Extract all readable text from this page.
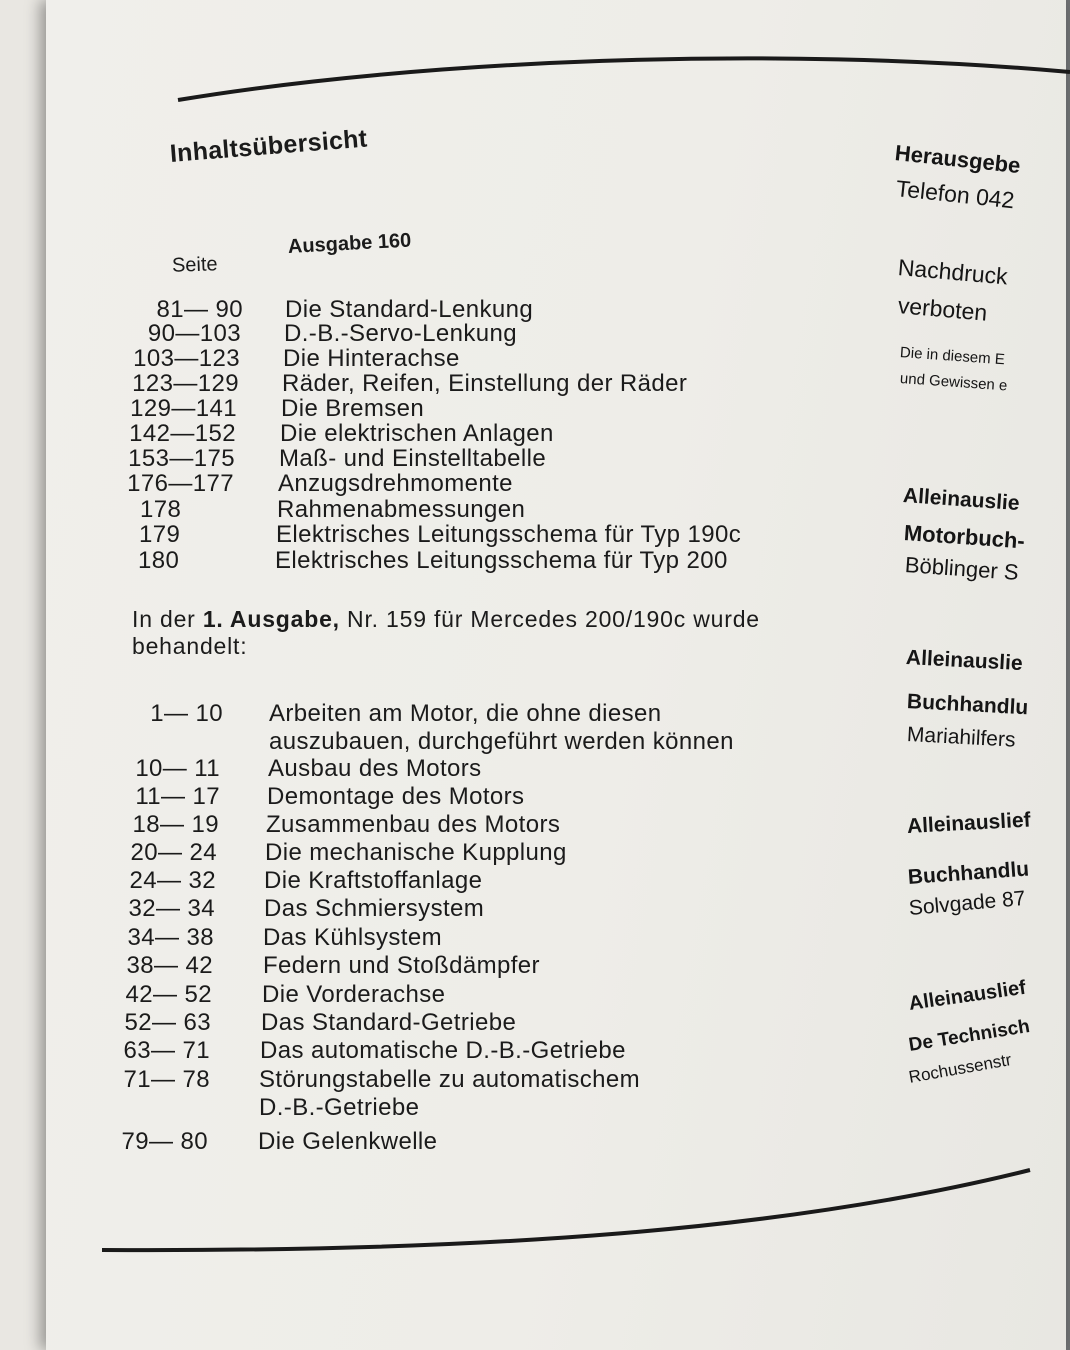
Inhaltsübersicht
Seite
Ausgabe 160
81— 90 Die Standard-Lenkung
90—103 D.-B.-Servo-Lenkung
103—123 Die Hinterachse
123—129 Räder, Reifen, Einstellung der Räder
129—141 Die Bremsen
142—152 Die elektrischen Anlagen
153—175 Maß- und Einstelltabelle
176—177 Anzugsdrehmomente
178	Rahmenabmessungen
179	Elektrisches Leitungsschema für Typ 190c
180	Elektrisches Leitungsschema für Typ 200
In der 1. Ausgabe, Nr. 159 für Mercedes 200/190c wurde behandelt:
1— 10 Arbeiten am Motor, die ohne diesen
auszubauen, durchgeführt werden können
10— 11 Ausbau des Motors
11— 17 Demontage des Motors
18— 19 Zusammenbau des Motors
20— 24 Die mechanische Kupplung
24— 32 Die Kraftstoffanlage
32— 34 Das Schmiersystem
34— 38 Das Kühlsystem
38— 42 Federn und Stoßdämpfer
42— 52 Die Vorderachse
52— 63 Das Standard-Getriebe
63— 71 Das automatische D.-B.-Getriebe
71— 78 Störungstabelle zu automatischem
D.-B.-Getriebe
79— 80 Die Gelenkwelle
Herausgebe
Telefon 042
Nachdruck
verboten
Die in diesem E
und Gewissen e
Alleinauslie
Motorbuch-
Böblinger S
Alleinauslie
Buchhandlu
Mariahilfers
Alleinauslief
Buchhandlu
Solvgade 87
Alleinauslief
De Technisch
Rochussenstr
